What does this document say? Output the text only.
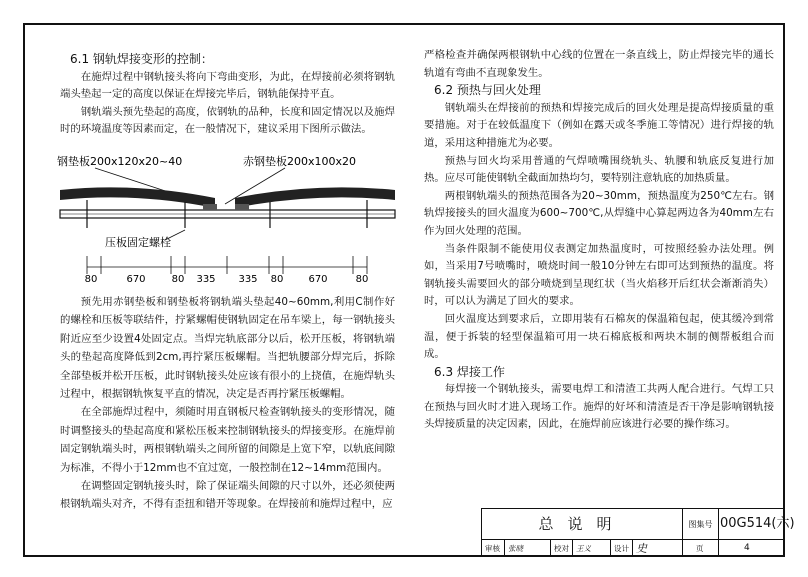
6.1 钢轨焊接变形的控制：

在施焊过程中钢轨接头将向下弯曲变形，为此，在焊接前必须将钢轨端头垫起一定的高度以保证在焊接完毕后，钢轨能保持平直。

钢轨端头预先垫起的高度，依钢轨的品种，长度和固定情况以及施焊时的环境温度等因素而定，在一般情况下，建议采用下图所示做法。

钢垫板200x120x20~40	赤钢垫板200x100x20
压板固定螺栓
80	670	80 335 335 80	670	80

预先用赤钢垫板和钢垫板将钢轨端头垫起40~60mm,利用C制作好的螺栓和压板等联结件，拧紧螺帽使钢轨固定在吊车梁上，每一钢轨接头附近应至少设置4处固定点。当焊完轨底部分以后，松开压板，将钢轨端头的垫起高度降低到2cm,再拧紧压板螺帽。当把轨腰部分焊完后，拆除全部垫板并松开压板，此时钢轨接头处应该有很小的上挠值，在施焊轨头过程中，根据钢轨恢复平直的情况，决定是否再拧紧压板螺帽。

在全部施焊过程中，须随时用直钢板尺检查钢轨接头的变形情况，随时调整接头的垫起高度和紧松压板来控制钢轨接头的焊接变形。在施焊前固定钢轨端头时，两根钢轨端头之间所留的间隙是上宽下窄，以轨底间隙为标准，不得小于12mm也不宜过宽，一般控制在12~14mm范围内。

在调整固定钢轨接头时，除了保证端头间隙的尺寸以外，还必须使两根钢轨端头对齐，不得有歪扭和错开等现象。在焊接前和施焊过程中，应

严格检查并确保两根钢轨中心线的位置在一条直线上，防止焊接完毕的通长轨道有弯曲不直现象发生。

6.2 预热与回火处理

钢轨端头在焊接前的预热和焊接完成后的回火处理是提高焊接质量的重要措施。对于在较低温度下（例如在露天或冬季施工等情况）进行焊接的轨道，采用这种措施尤为必要。

预热与回火均采用普通的气焊喷嘴围绕轨头、轨腰和轨底反复进行加热。应尽可能使钢轨全截面加热均匀，要特别注意轨底的加热质量。

两根钢轨端头的预热范围各为20~30mm，预热温度为250℃左右。钢轨焊接接头的回火温度为600~700℃,从焊缝中心算起两边各为40mm左右作为回火处理的范围。

当条件限制不能使用仪表测定加热温度时，可按照经验办法处理。例如，当采用7号喷嘴时，喷烧时间一般10分钟左右即可达到预热的温度。将钢轨接头需要回火的部分喷烧到呈现红状（当火焰移开后红状会渐渐消失）时，可以认为满足了回火的要求。

回火温度达到要求后，立即用装有石棉灰的保温箱包起，使其缓冷到常温，便于拆装的轻型保温箱可用一块石棉底板和两块木制的侧帮板组合而成。

6.3 焊接工作

每焊接一个钢轨接头，需要电焊工和清渣工共两人配合进行。气焊工只在预热与回火时才进入现场工作。施焊的好坏和清渣是否干净是影响钢轨接头焊接质量的决定因素，因此，在施焊前应该进行必要的操作练习。

总说明	图集号 00G514(六)
审核 张晓	校对 王义	设计 史	页	4
